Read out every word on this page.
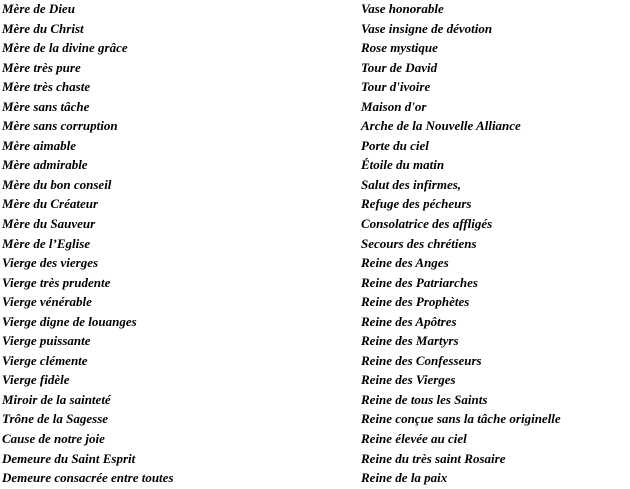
Mère de Dieu
Mère du Christ
Mère de la divine grâce
Mère très pure
Mère très chaste
Mère sans tâche
Mère sans corruption
Mère aimable
Mère admirable
Mère du bon conseil
Mère du Créateur
Mère du Sauveur
Mère de l’Eglise
Vierge des vierges
Vierge très prudente
Vierge vénérable
Vierge digne de louanges
Vierge puissante
Vierge clémente
Vierge fidèle
Miroir de la sainteté
Trône de la Sagesse
Cause de notre joie
Demeure du Saint Esprit
Demeure consacrée entre toutes
Vase honorable
Vase insigne de dévotion
Rose mystique
Tour de David
Tour d'ivoire
Maison d'or
Arche de la Nouvelle Alliance
Porte du ciel
Étoile du matin
Salut des infirmes,
Refuge des pécheurs
Consolatrice des affligés
Secours des chrétiens
Reine des Anges
Reine des Patriarches
Reine des Prophètes
Reine des Apôtres
Reine des Martyrs
Reine des Confesseurs
Reine des Vierges
Reine de tous les Saints
Reine conçue sans la tâche originelle
Reine élevée au ciel
Reine du très saint Rosaire
Reine de la paix
